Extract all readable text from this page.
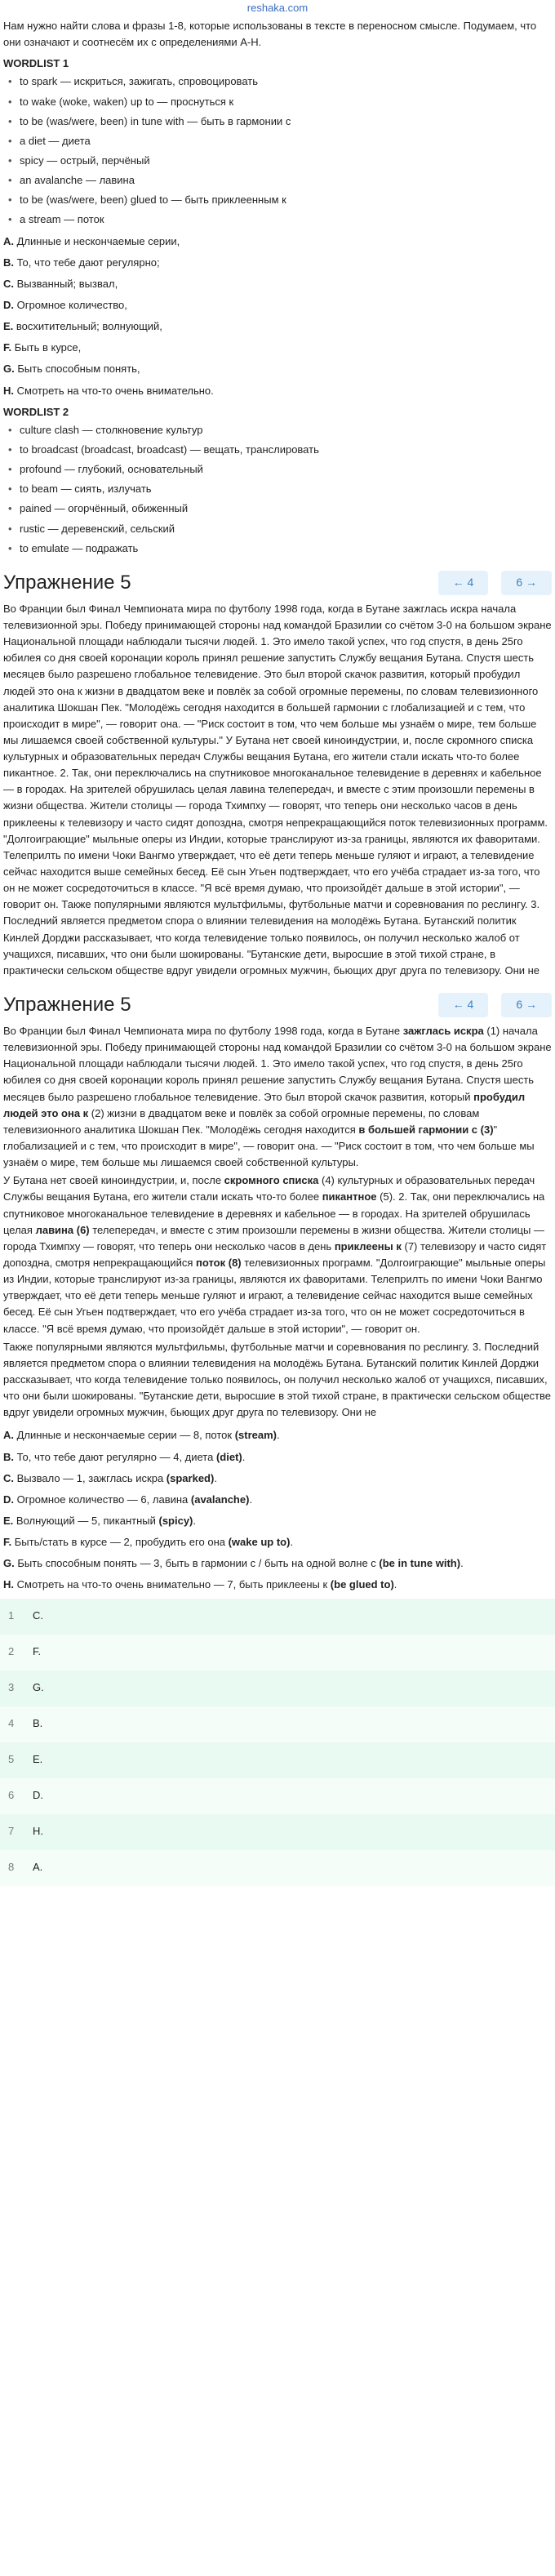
reshaka.com

Нам нужно найти слова и фразы 1-8, которые использованы в тексте в переносном смысле. Подумаем, что они означают и соотнесём их с определениями A-H.

WORDLIST 1
• to spark — искриться, зажигать, спровоцировать
• to wake (woke, waken) up to — проснуться к
• to be (was/were, been) in tune with — быть в гармонии с
• a diet — диета
• spicy — острый, перчёный
• an avalanche — лавина
• to be (was/were, been) glued to — быть приклеенным к
• a stream — поток

A. Длинные и нескончаемые серии,

B. То, что тебе дают регулярно;

C. Вызванный; вызвал,

D. Огромное количество,

E. восхитительный; волнующий,

F. Быть в курсе,

G. Быть способным понять,

H. Смотреть на что-то очень внимательно.

WORDLIST 2
• culture clash — столкновение культур
• to broadcast (broadcast, broadcast) — вещать, транслировать
• profound — глубокий, основательный
• to beam — сиять, излучать
• pained — огорчённый, обиженный
• rustic — деревенский, сельский
• to emulate — подражать
Упражнение 5	← 4	6 →
Во Франции был Финал Чемпионата мира по футболу 1998 года, когда в Бутане зажглась искра начала телевизионной эры. Победу принимающей стороны над командой Бразилии со счётом 3-0 на большом экране Национальной площади наблюдали тысячи людей. 1. Это имело такой успех, что год спустя, в день 25го юбилея со дня своей коронации король принял решение запустить Службу вещания Бутана. Спустя шесть месяцев было разрешено глобальное телевидение. Это был второй скачок развития, который пробудил людей это она к жизни в двадцатом веке и повлёк за собой огромные перемены, по словам телевизионного аналитика Шокшан Пек. "Молодёжь сегодня находится в большей гармонии с глобализацией и с тем, что происходит в мире", — говорит она. — "Риск состоит в том, что чем больше мы узнаём о мире, тем больше мы лишаемся своей собственной культуры." У Бутана нет своей киноиндустрии, и, после скромного списка культурных и образовательных передач Службы вещания Бутана, его жители стали искать что-то более пикантное. 2. Так, они переключались на спутниковое многоканальное телевидение в деревнях и кабельное — в городах. На зрителей обрушилась целая лавина телепередач, и вместе с этим произошли перемены в жизни общества. Жители столицы — города Тхимпху — говорят, что теперь они несколько часов в день приклеены к телевизору и часто сидят допоздна, смотря непрекращающийся поток телевизионных программ. "Долгоиграющие" мыльные оперы из Индии, которые транслируют из-за границы, являются их фаворитами. Телеприлть по имени Чоки Вангмо утверждает, что её дети теперь меньше гуляют и играют, а телевидение сейчас находится выше семейных бесед. Её сын Угьен подтверждает, что его учёба страдает из-за того, что он не может сосредоточиться в классе. "Я всё время думаю, что произойдёт дальше в этой истории", — говорит он. Также популярными являются мультфильмы, футбольные матчи и соревнования по реслингу. 3. Последний является предметом спора о влиянии телевидения на молодёжь Бутана. Бутанский политик Кинлей Дорджи рассказывает, что когда телевидение только появилось, он получил несколько жалоб от учащихся, писавших, что они были шокированы. "Бутанские дети, выросшие в этой тихой стране, в практически сельском обществе вдруг увидели огромных мужчин, бьющих друг друга по телевизору. Они не
Упражнение 5	← 4	6 →

Во Франции был Финал Чемпионата мира по футболу 1998 года, когда в Бутане зажглась искра (1) начала телевизионной эры. Победу принимающей стороны над командой Бразилии со счётом 3-0 на большом экране Национальной площади наблюдали тысячи людей. 1. Это имело такой успех, что год спустя, в день 25го юбилея со дня своей коронации король принял решение запустить Службу вещания Бутана. Спустя шесть месяцев было разрешено глобальное телевидение. Это был второй скачок развития, который пробудил людей это она к (2) жизни в двадцатом веке и повлёк за собой огромные перемены, по словам телевизионного аналитика Шокшан Пек. "Молодёжь сегодня находится в большей гармонии с (3)" глобализацией и с тем, что происходит в мире", — говорит она. — "Риск состоит в том, что чем больше мы узнаём о мире, тем больше мы лишаемся своей собственной культуры.

У Бутана нет своей киноиндустрии, и, после скромного списка (4) культурных и образовательных передач Службы вещания Бутана, его жители стали искать что-то более пикантное (5). 2. Так, они переключались на спутниковое многоканальное телевидение в деревнях и кабельное — в городах. На зрителей обрушилась целая лавина (6) телепередач, и вместе с этим произошли перемены в жизни общества. Жители столицы — города Тхимпху — говорят, что теперь они несколько часов в день приклеены к (7) телевизору и часто сидят допоздна, смотря непрекращающийся поток (8) телевизионных программ. "Долгоиграющие" мыльные оперы из Индии, которые транслируют из-за границы, являются их фаворитами. Телеприлть по имени Чоки Вангмо утверждает, что её дети теперь меньше гуляют и играют, а телевидение сейчас находится выше семейных бесед. Её сын Угьен подтверждает, что его учёба страдает из-за того, что он не может сосредоточиться в классе. "Я всё время думаю, что произойдёт дальше в этой истории", — говорит он.

Также популярными являются мультфильмы, футбольные матчи и соревнования по реслингу. 3. Последний является предметом спора о влиянии телевидения на молодёжь Бутана. Бутанский политик Кинлей Дорджи рассказывает, что когда телевидение только появилось, он получил несколько жалоб от учащихся, писавших, что они были шокированы. "Бутанские дети, выросшие в этой тихой стране, в практически сельском обществе вдруг увидели огромных мужчин, бьющих друг друга по телевизору. Они не

A. Длинные и нескончаемые серии — 8, поток (stream).

B. То, что тебе дают регулярно — 4, диета (diet).

C. Вызвало — 1, зажглась искра (sparked).

D. Огромное количество — 6, лавина (avalanche).

E. Волнующий — 5, пикантный (spicy).

F. Быть/стать в курсе — 2, пробудить его она (wake up to).

G. Быть способным понять — 3, быть в гармонии с / быть на одной волне с (be in tune with).

H. Смотреть на что-то очень внимательно — 7, быть приклеены к (be glued to).

1	C.
2	F.
3	G.
4	B.
5	E.
6	D.
7	H.
8	A.
